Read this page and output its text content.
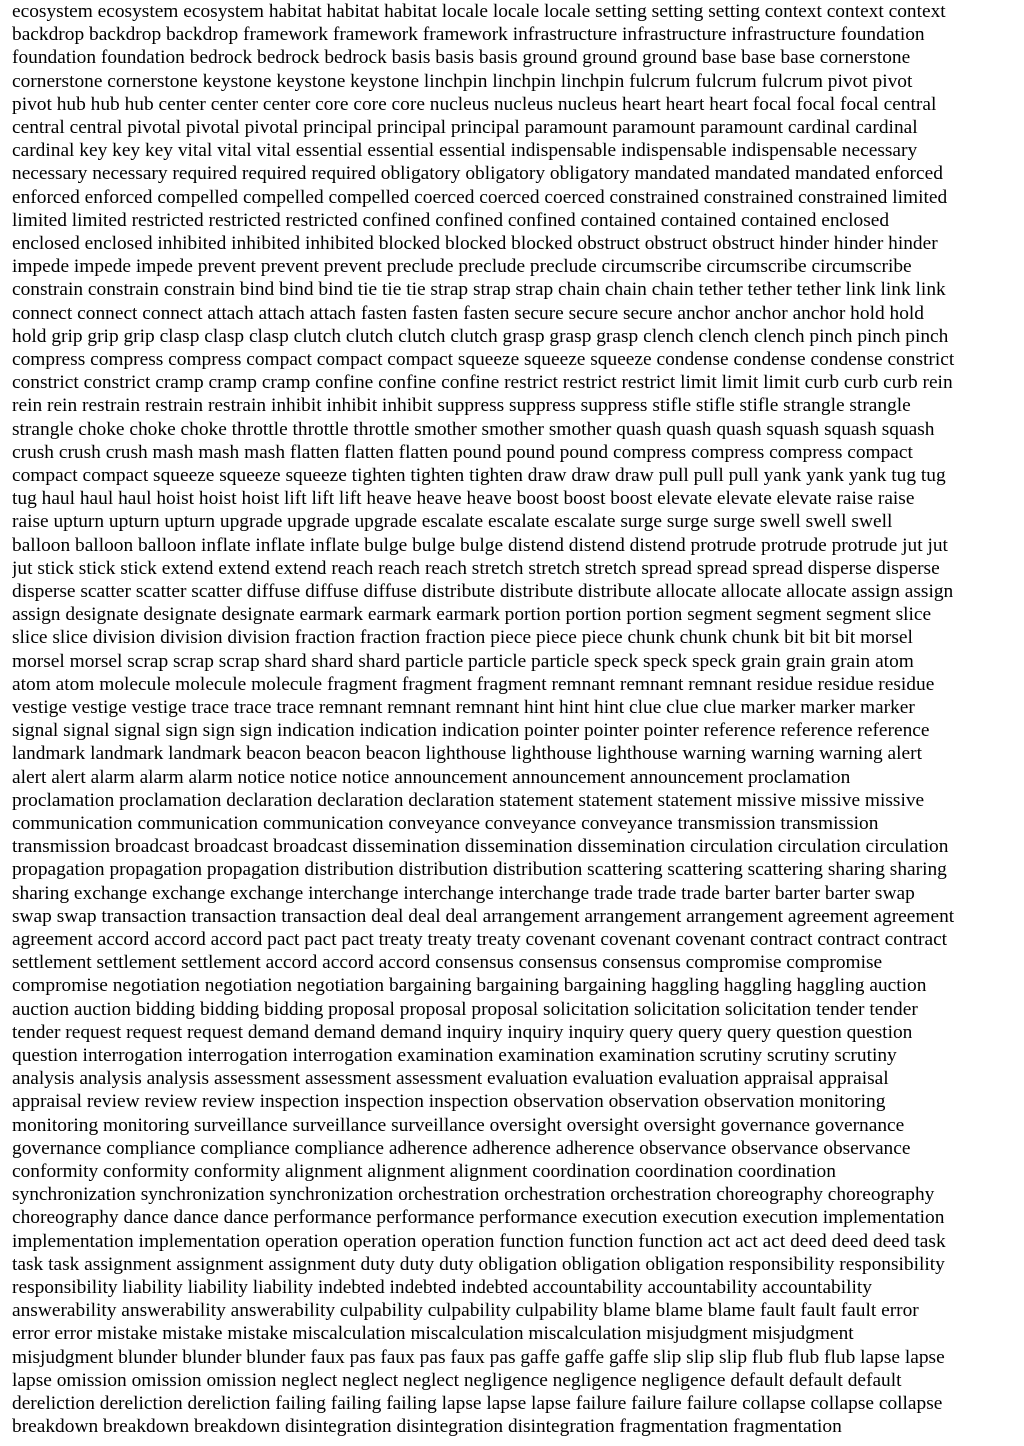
ecosystem ecosystem ecosystem habitat habitat habitat locale locale locale setting setting setting context context context
backdrop backdrop backdrop framework framework framework infrastructure infrastructure infrastructure foundation
foundation foundation bedrock bedrock bedrock basis basis basis ground ground ground base base base cornerstone
cornerstone cornerstone keystone keystone keystone linchpin linchpin linchpin fulcrum fulcrum fulcrum pivot pivot
pivot hub hub hub center center center core core core nucleus nucleus nucleus heart heart heart focal focal focal central
central central pivotal pivotal pivotal principal principal principal paramount paramount paramount cardinal cardinal
cardinal key key key vital vital vital essential essential essential indispensable indispensable indispensable necessary
necessary necessary required required required obligatory obligatory obligatory mandated mandated mandated enforced
enforced enforced compelled compelled compelled coerced coerced coerced constrained constrained constrained limited
limited limited restricted restricted restricted confined confined confined contained contained contained enclosed
enclosed enclosed inhibited inhibited inhibited blocked blocked blocked obstruct obstruct obstruct hinder hinder hinder
impede impede impede prevent prevent prevent preclude preclude preclude circumscribe circumscribe circumscribe
constrain constrain constrain bind bind bind tie tie tie strap strap strap chain chain chain tether tether tether link link link
connect connect connect attach attach attach fasten fasten fasten secure secure secure anchor anchor anchor hold hold
hold grip grip grip clasp clasp clasp clutch clutch clutch clutch grasp grasp grasp clench clench clench pinch pinch pinch
compress compress compress compact compact compact squeeze squeeze squeeze condense condense condense constrict
constrict constrict cramp cramp cramp confine confine confine restrict restrict restrict limit limit limit curb curb curb rein
rein rein restrain restrain restrain inhibit inhibit inhibit suppress suppress suppress stifle stifle stifle strangle strangle
strangle choke choke choke throttle throttle throttle smother smother smother quash quash quash squash squash squash
crush crush crush mash mash mash flatten flatten flatten pound pound pound compress compress compress compact
compact compact squeeze squeeze squeeze tighten tighten tighten draw draw draw pull pull pull yank yank yank tug tug
tug haul haul haul hoist hoist hoist lift lift lift heave heave heave boost boost boost elevate elevate elevate raise raise
raise upturn upturn upturn upgrade upgrade upgrade escalate escalate escalate surge surge surge swell swell swell
balloon balloon balloon inflate inflate inflate bulge bulge bulge distend distend distend protrude protrude protrude jut jut
jut stick stick stick extend extend extend reach reach reach stretch stretch stretch spread spread spread disperse disperse
disperse scatter scatter scatter diffuse diffuse diffuse distribute distribute distribute allocate allocate allocate assign assign
assign designate designate designate earmark earmark earmark portion portion portion segment segment segment slice
slice slice division division division fraction fraction fraction piece piece piece chunk chunk chunk bit bit bit morsel
morsel morsel scrap scrap scrap shard shard shard particle particle particle speck speck speck grain grain grain atom
atom atom molecule molecule molecule fragment fragment fragment remnant remnant remnant residue residue residue
vestige vestige vestige trace trace trace remnant remnant remnant hint hint hint clue clue clue marker marker marker
signal signal signal sign sign sign indication indication indication pointer pointer pointer reference reference reference
landmark landmark landmark beacon beacon beacon lighthouse lighthouse lighthouse warning warning warning alert
alert alert alarm alarm alarm notice notice notice announcement announcement announcement proclamation
proclamation proclamation declaration declaration declaration statement statement statement missive missive missive
communication communication communication conveyance conveyance conveyance transmission transmission
transmission broadcast broadcast broadcast dissemination dissemination dissemination circulation circulation circulation
propagation propagation propagation distribution distribution distribution scattering scattering scattering sharing sharing
sharing exchange exchange exchange interchange interchange interchange trade trade trade barter barter barter swap
swap swap transaction transaction transaction deal deal deal arrangement arrangement arrangement agreement agreement
agreement accord accord accord pact pact pact treaty treaty treaty covenant covenant covenant contract contract contract
settlement settlement settlement accord accord accord consensus consensus consensus compromise compromise
compromise negotiation negotiation negotiation bargaining bargaining bargaining haggling haggling haggling auction
auction auction bidding bidding bidding proposal proposal proposal solicitation solicitation solicitation tender tender
tender request request request demand demand demand inquiry inquiry inquiry query query query question question
question interrogation interrogation interrogation examination examination examination scrutiny scrutiny scrutiny
analysis analysis analysis assessment assessment assessment evaluation evaluation evaluation appraisal appraisal
appraisal review review review inspection inspection inspection observation observation observation monitoring
monitoring monitoring surveillance surveillance surveillance oversight oversight oversight governance governance
governance compliance compliance compliance adherence adherence adherence observance observance observance
conformity conformity conformity alignment alignment alignment coordination coordination coordination
synchronization synchronization synchronization orchestration orchestration orchestration choreography choreography
choreography dance dance dance performance performance performance execution execution execution implementation
implementation implementation operation operation operation function function function act act act deed deed deed task
task task assignment assignment assignment duty duty duty obligation obligation obligation responsibility responsibility
responsibility liability liability liability indebted indebted indebted accountability accountability accountability
answerability answerability answerability culpability culpability culpability blame blame blame fault fault fault error
error error mistake mistake mistake miscalculation miscalculation miscalculation misjudgment misjudgment
misjudgment blunder blunder blunder faux pas faux pas faux pas gaffe gaffe gaffe slip slip slip flub flub flub lapse lapse
lapse omission omission omission neglect neglect neglect negligence negligence negligence default default default
dereliction dereliction dereliction failing failing failing lapse lapse lapse failure failure failure collapse collapse collapse
breakdown breakdown breakdown disintegration disintegration disintegration fragmentation fragmentation
